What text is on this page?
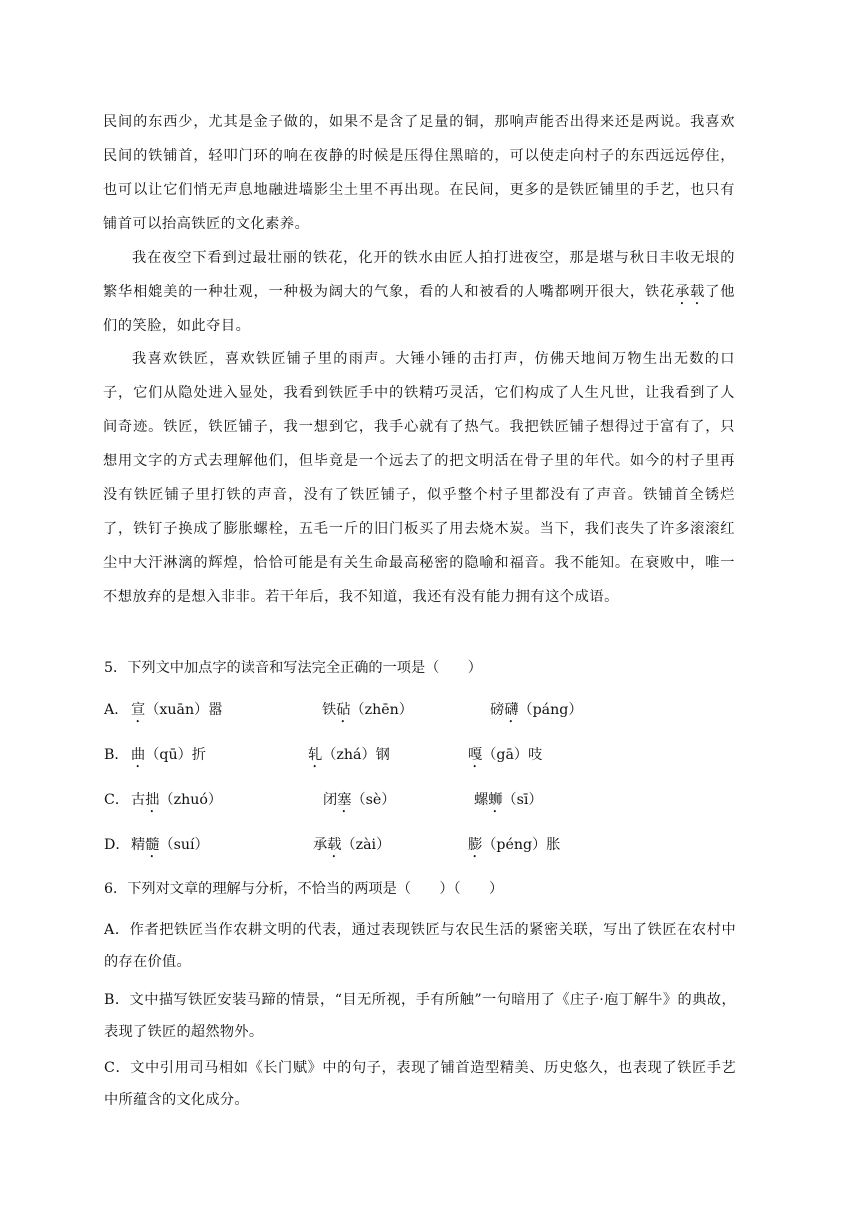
民间的东西少，尤其是金子做的，如果不是含了足量的铜，那响声能否出得来还是两说。我喜欢民间的铁铺首，轻叩门环的响在夜静的时候是压得住黑暗的，可以使走向村子的东西远远停住，也可以让它们悄无声息地融进墙影尘土里不再出现。在民间，更多的是铁匠铺里的手艺，也只有铺首可以抬高铁匠的文化素养。

我在夜空下看到过最壮丽的铁花，化开的铁水由匠人拍打进夜空，那是堪与秋日丰收无垠的繁华相媲美的一种壮观，一种极为阔大的气象，看的人和被看的人嘴都咧开很大，铁花承载了他们的笑脸，如此夺目。

我喜欢铁匠，喜欢铁匠铺子里的雨声。大锤小锤的击打声，仿佛天地间万物生出无数的口子，它们从隐处进入显处，我看到铁匠手中的铁精巧灵活，它们构成了人生凡世，让我看到了人间奇迹。铁匠，铁匠铺子，我一想到它，我手心就有了热气。我把铁匠铺子想得过于富有了，只想用文字的方式去理解他们，但毕竟是一个远去了的把文明活在骨子里的年代。如今的村子里再没有铁匠铺子里打铁的声音，没有了铁匠铺子，似乎整个村子里都没有了声音。铁铺首全锈烂了，铁钉子换成了膨胀螺栓，五毛一斤的旧门板买了用去烧木炭。当下，我们丧失了许多滚滚红尘中大汗淋漓的辉煌，恰恰可能是有关生命最高秘密的隐喻和福音。我不能知。在衰败中，唯一不想放弃的是想入非非。若干年后，我不知道，我还有没有能力拥有这个成语。

5．下列文中加点字的读音和写法完全正确的一项是（　　）

A． 宣（xuān）嚣	铁砧（zhēn）	磅礴（páng）
B． 曲（qū）折	轧（zhá）钢	嘎（gā）吱
C． 古拙（zhuó）	闭塞（sè）	螺蛳（sī）
D． 精髓（suí）	承载（zài）	膨（péng）胀

6．下列对文章的理解与分析，不恰当的两项是（　　）（　　）

A．作者把铁匠当作农耕文明的代表，通过表现铁匠与农民生活的紧密关联，写出了铁匠在农村中的存在价值。

B．文中描写铁匠安装马蹄的情景，“目无所视，手有所触”一句暗用了《庄子·庖丁解牛》的典故，表现了铁匠的超然物外。

C．文中引用司马相如《长门赋》中的句子，表现了铺首造型精美、历史悠久，也表现了铁匠手艺中所蕴含的文化成分。
